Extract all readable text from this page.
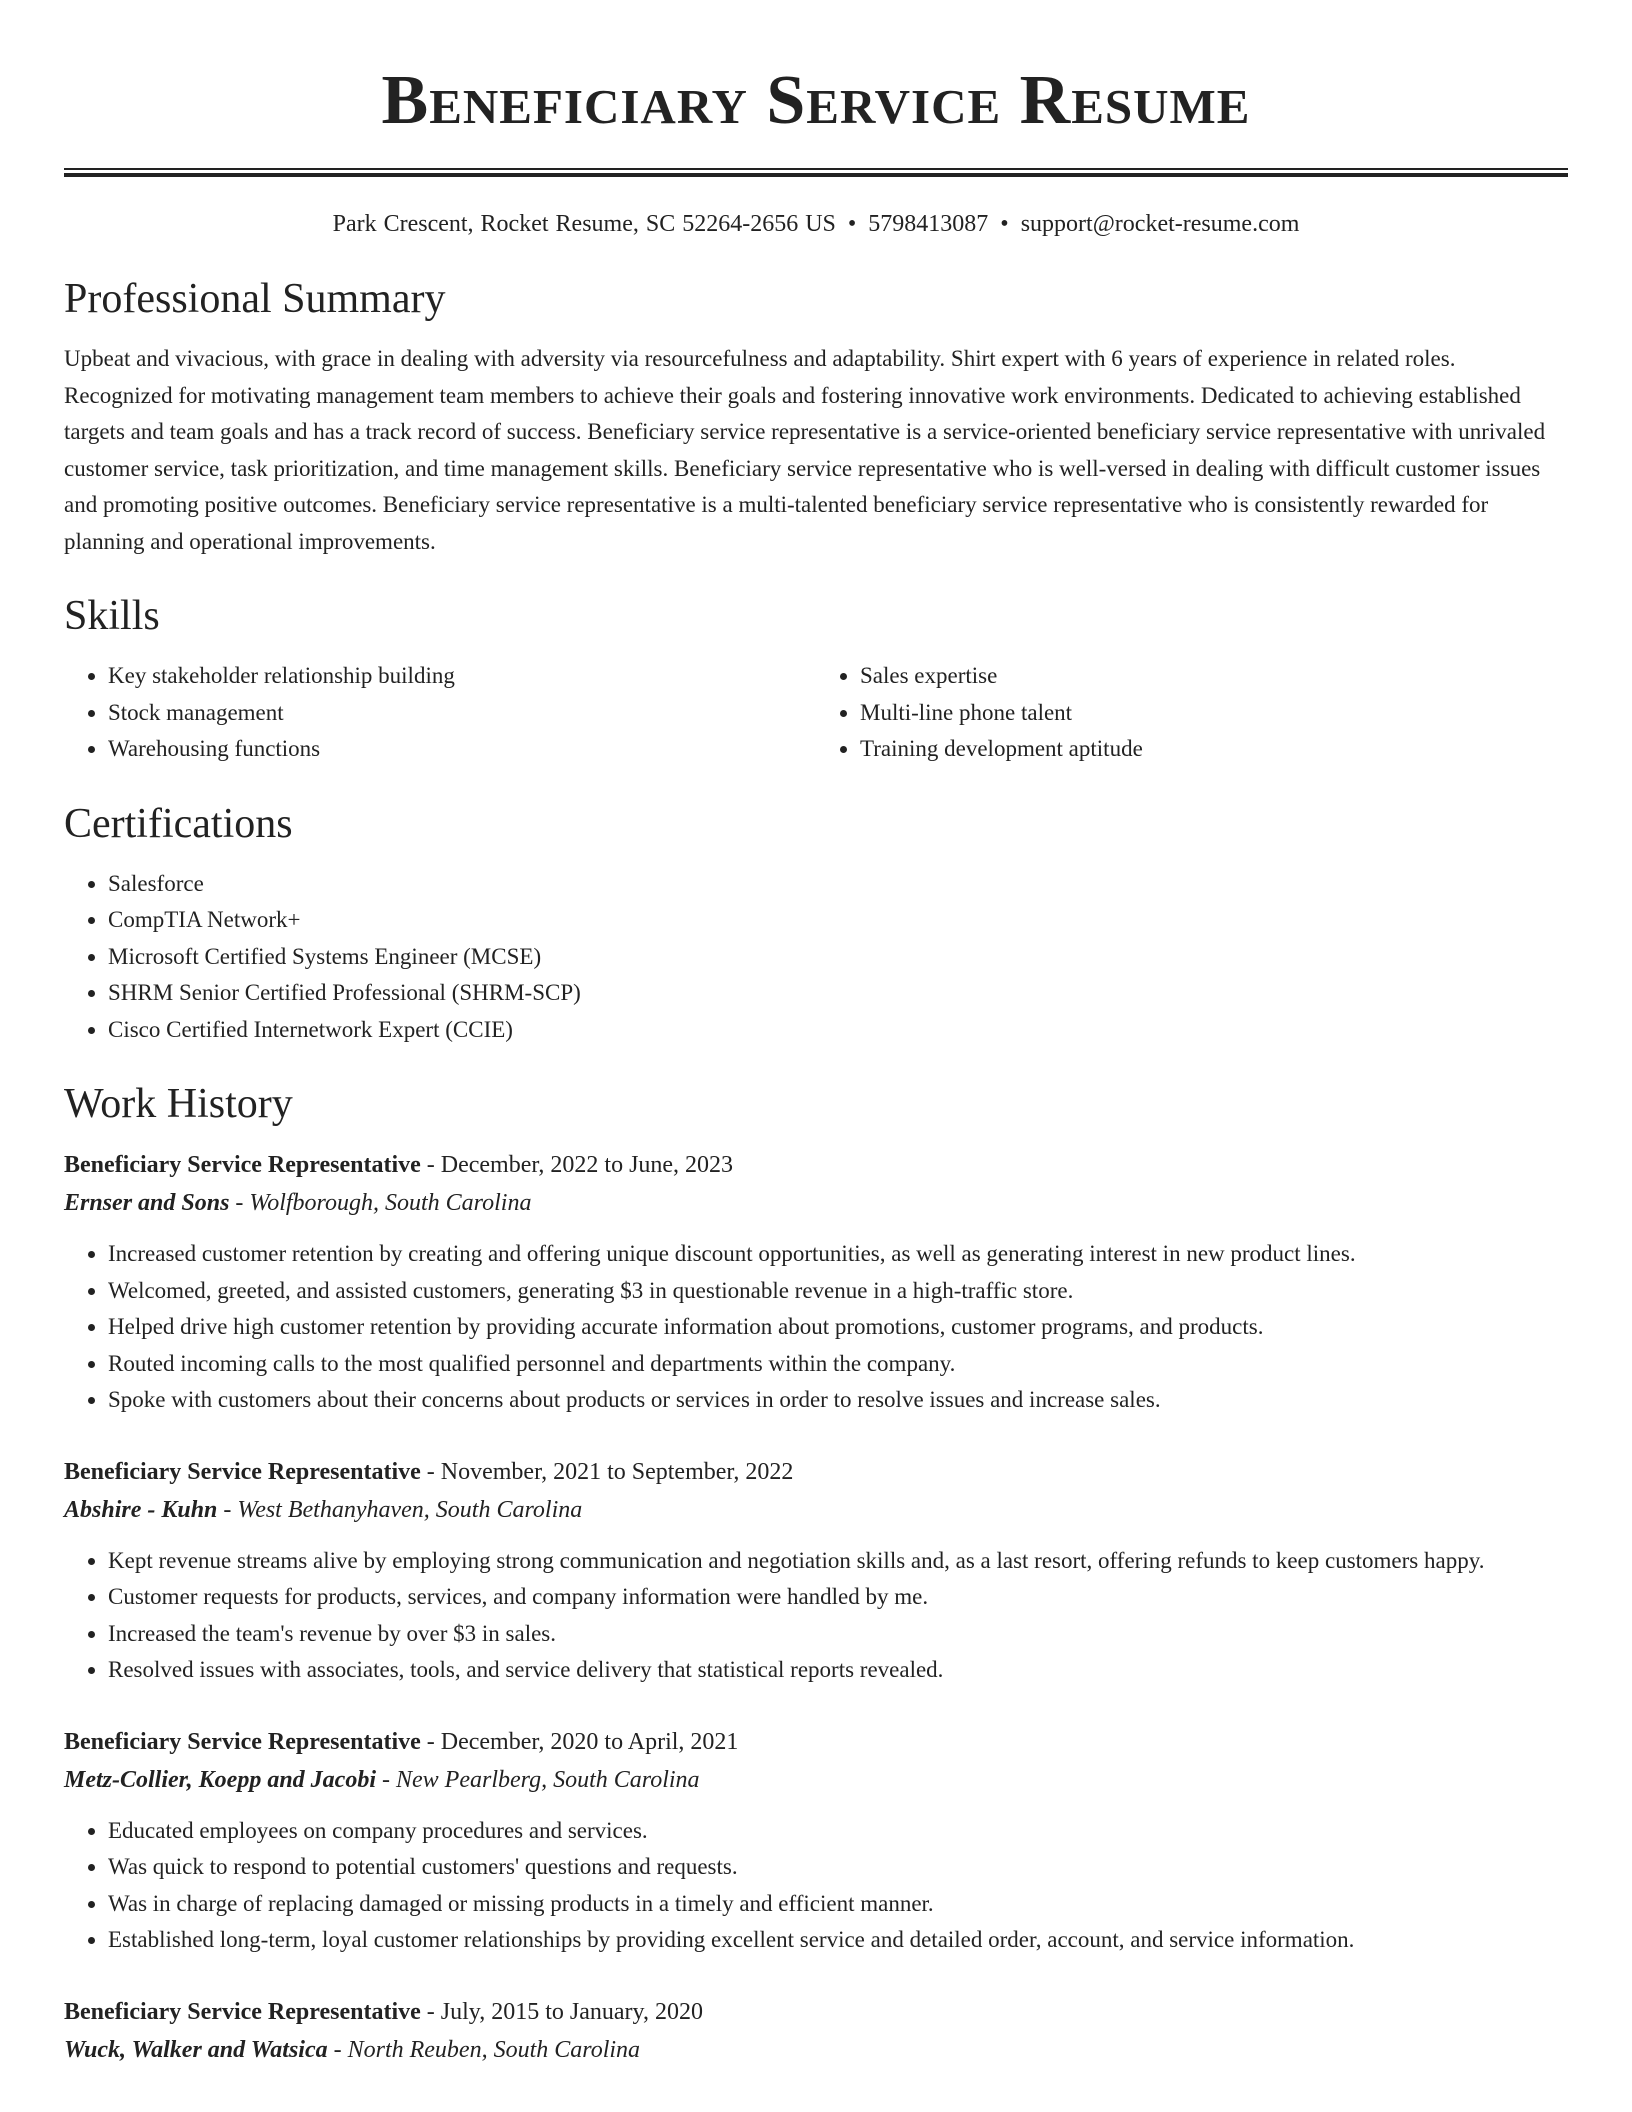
Beneficiary Service Resume
Park Crescent, Rocket Resume, SC 52264-2656 US • 5798413087 • support@rocket-resume.com
Professional Summary

Upbeat and vivacious, with grace in dealing with adversity via resourcefulness and adaptability. Shirt expert with 6 years of experience in related roles. Recognized for motivating management team members to achieve their goals and fostering innovative work environments. Dedicated to achieving established targets and team goals and has a track record of success. Beneficiary service representative is a service-oriented beneficiary service representative with unrivaled customer service, task prioritization, and time management skills. Beneficiary service representative who is well-versed in dealing with difficult customer issues and promoting positive outcomes. Beneficiary service representative is a multi-talented beneficiary service representative who is consistently rewarded for planning and operational improvements.

Skills
• Key stakeholder relationship building
• Stock management
• Warehousing functions
• Sales expertise
• Multi-line phone talent
• Training development aptitude
Certifications
• Salesforce
• CompTIA Network+
• Microsoft Certified Systems Engineer (MCSE)
• SHRM Senior Certified Professional (SHRM-SCP)
• Cisco Certified Internetwork Expert (CCIE)
Work History
Beneficiary Service Representative - December, 2022 to June, 2023
Ernser and Sons - Wolfborough, South Carolina
• Increased customer retention by creating and offering unique discount opportunities, as well as generating interest in new product lines.
• Welcomed, greeted, and assisted customers, generating $3 in questionable revenue in a high-traffic store.
• Helped drive high customer retention by providing accurate information about promotions, customer programs, and products.
• Routed incoming calls to the most qualified personnel and departments within the company.
• Spoke with customers about their concerns about products or services in order to resolve issues and increase sales.
Beneficiary Service Representative - November, 2021 to September, 2022
Abshire - Kuhn - West Bethanyhaven, South Carolina
• Kept revenue streams alive by employing strong communication and negotiation skills and, as a last resort, offering refunds to keep customers happy.
• Customer requests for products, services, and company information were handled by me.
• Increased the team's revenue by over $3 in sales.
• Resolved issues with associates, tools, and service delivery that statistical reports revealed.
Beneficiary Service Representative - December, 2020 to April, 2021
Metz-Collier, Koepp and Jacobi - New Pearlberg, South Carolina
• Educated employees on company procedures and services.
• Was quick to respond to potential customers' questions and requests.
• Was in charge of replacing damaged or missing products in a timely and efficient manner.
• Established long-term, loyal customer relationships by providing excellent service and detailed order, account, and service information.
Beneficiary Service Representative - July, 2015 to January, 2020
Wuck, Walker and Watsica - North Reuben, South Carolina
